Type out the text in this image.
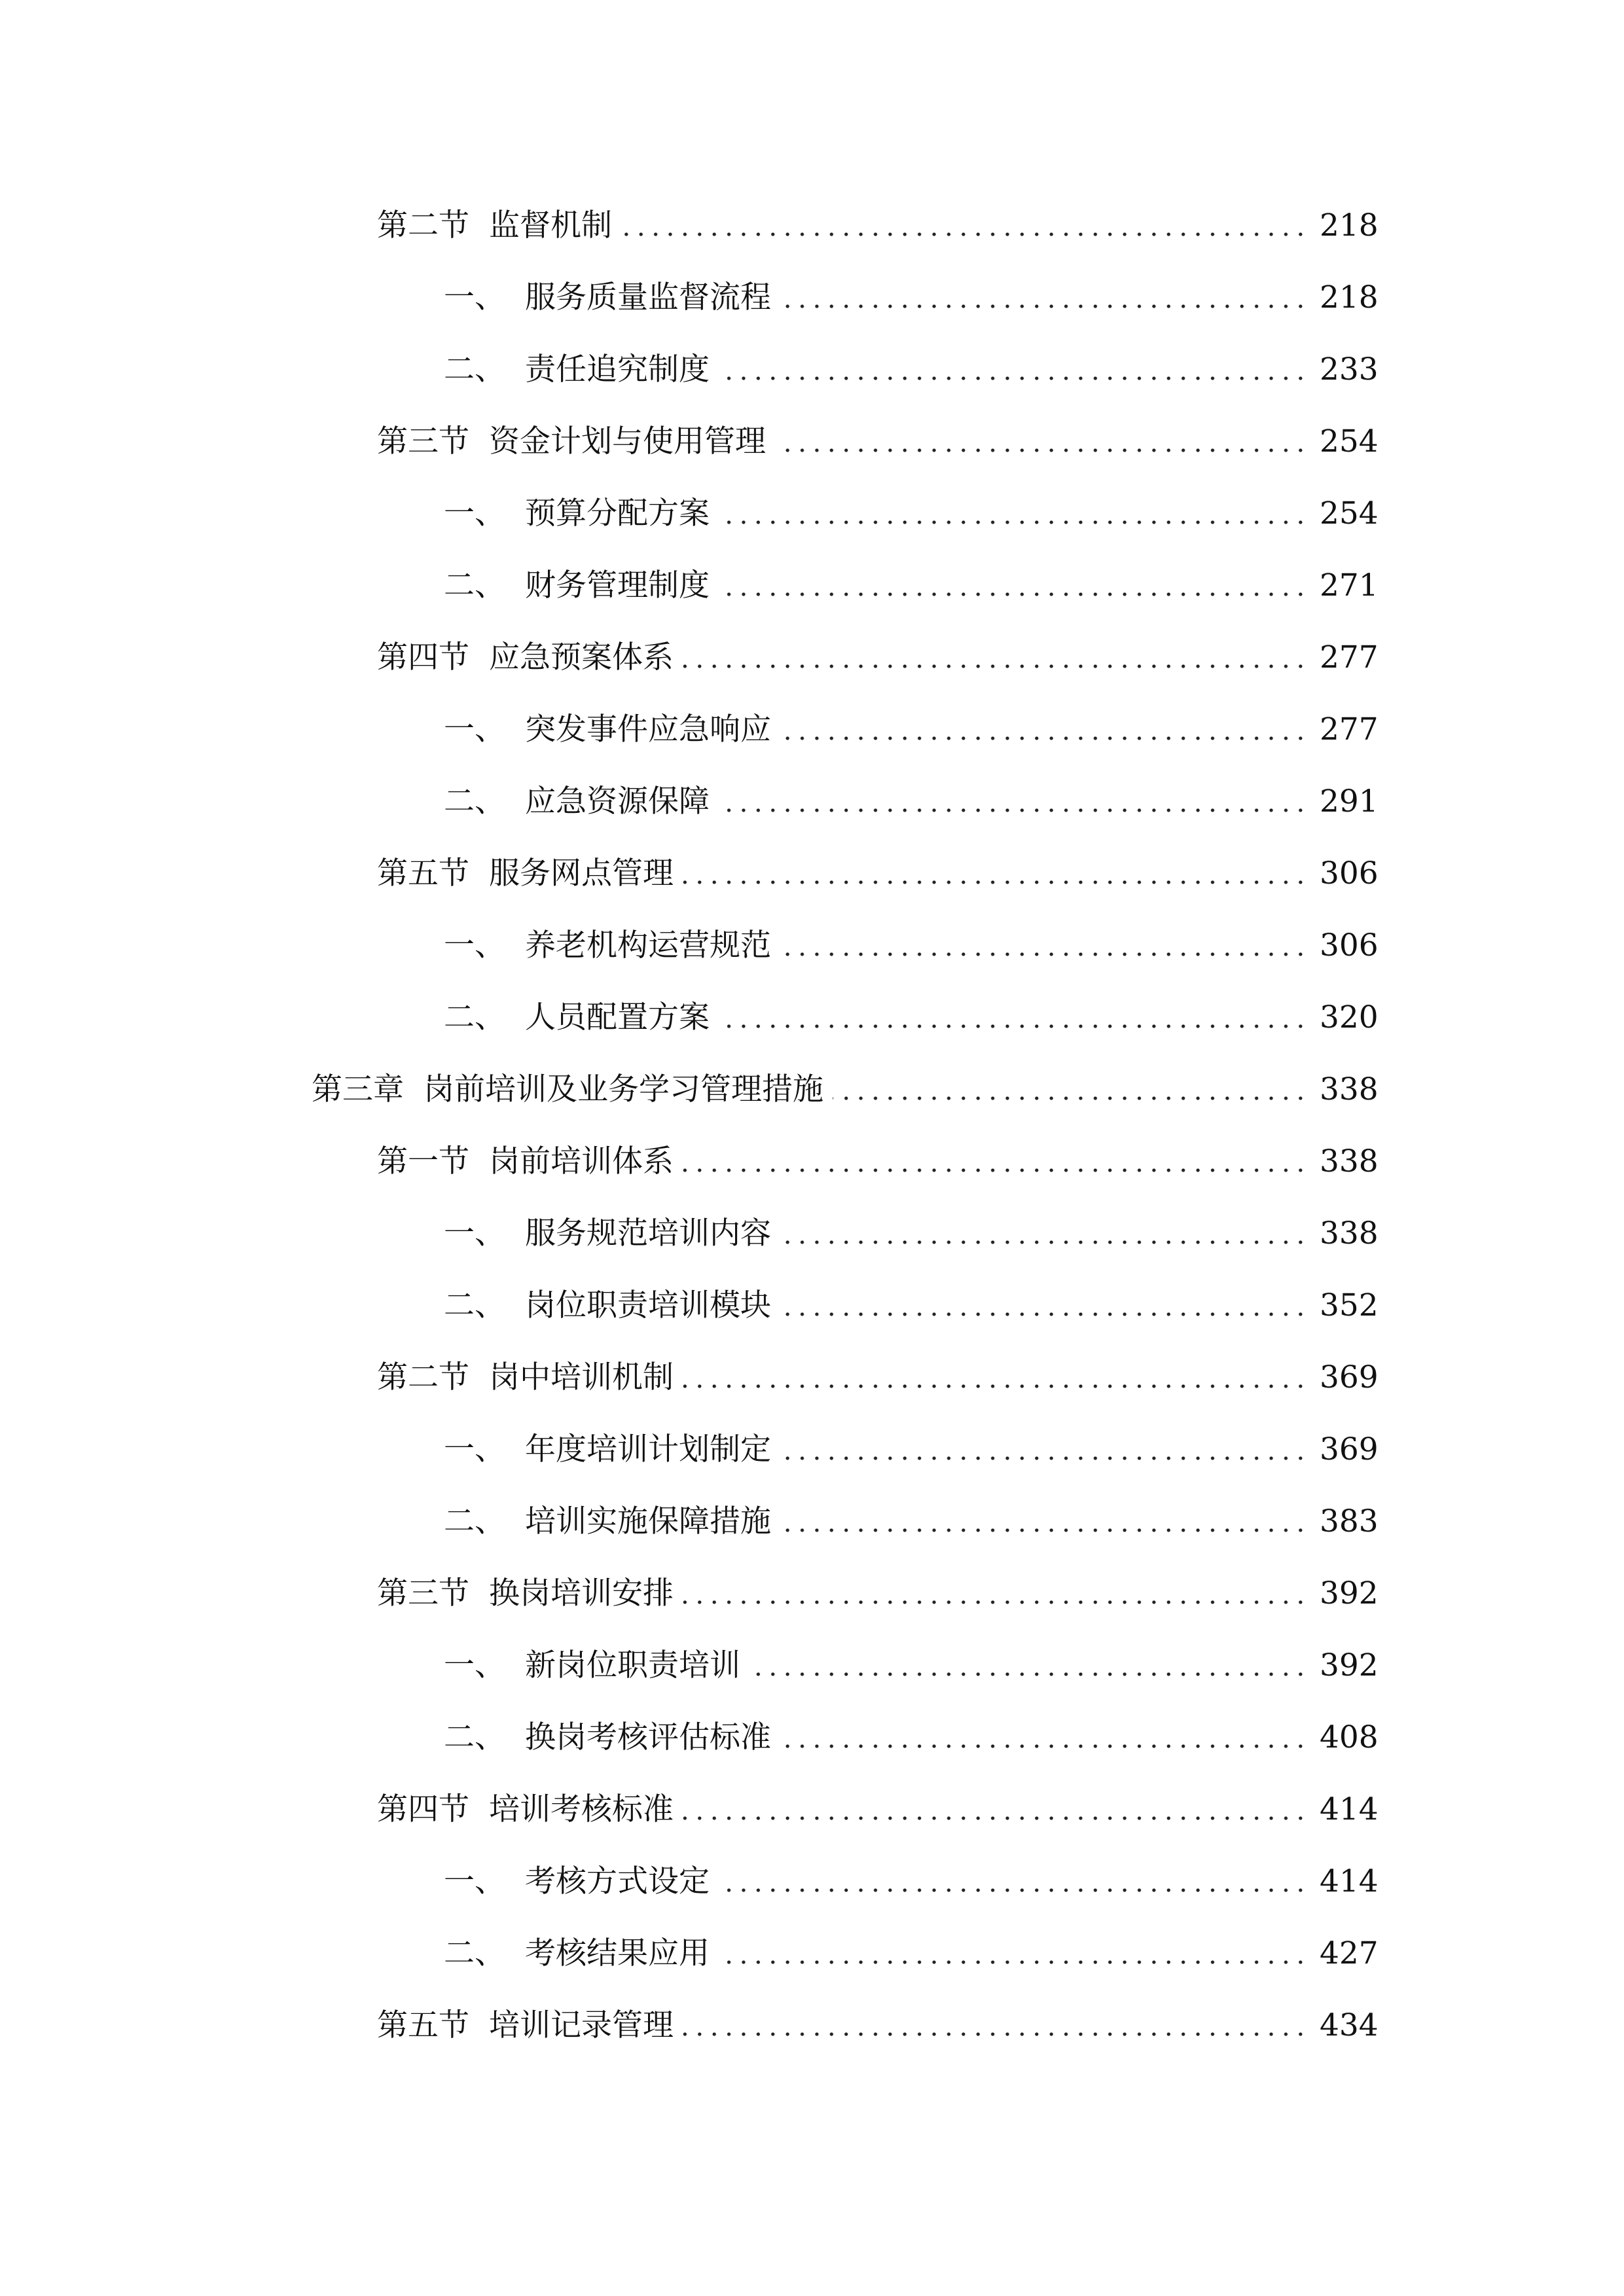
第二节 监督机制	218
一、 服务质量监督流程	218
二、 责任追究制度	233
第三节 资金计划与使用管理	254
一、 预算分配方案	254
二、 财务管理制度	271
第四节 应急预案体系	277
一、 突发事件应急响应	277
二、 应急资源保障	291
第五节 服务网点管理	306
一、 养老机构运营规范	306
二、 人员配置方案	320
第三章 岗前培训及业务学习管理措施	338
第一节 岗前培训体系	338
一、 服务规范培训内容	338
二、 岗位职责培训模块	352
第二节 岗中培训机制	369
一、 年度培训计划制定	369
二、 培训实施保障措施	383
第三节 换岗培训安排	392
一、 新岗位职责培训	392
二、 换岗考核评估标准	408
第四节 培训考核标准	414
一、 考核方式设定	414
二、 考核结果应用	427
第五节 培训记录管理	434
